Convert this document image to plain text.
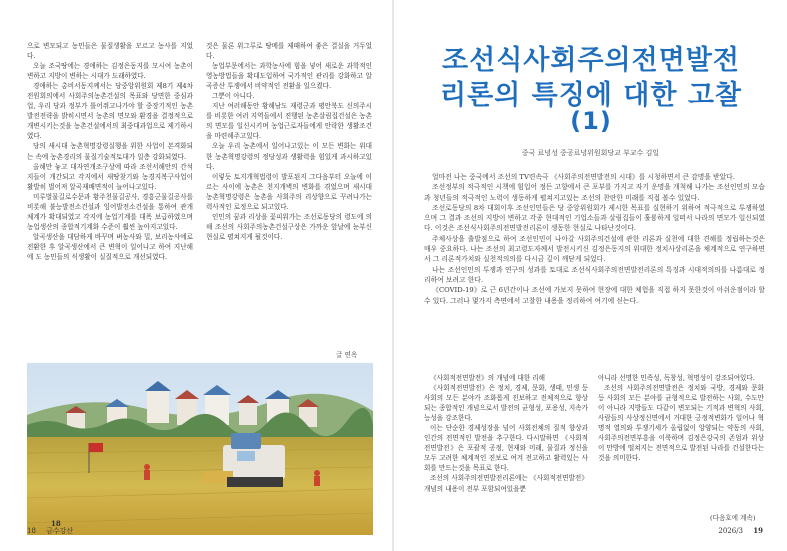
으로 변모되고 농민들은 물질생활을 모르고 농사를 지었다.

오늘 조국땅에는 경애하는 김정은동지를 모시여 농촌이 변하고 지방이 변하는 시대가 도래하였다.

경애하는 총비서동지께서는 당중앙위원회 제8기 제4차전원회의에서 사회주의농촌건설의 목표와 당면한 중심과업, 우리 당과 정부가 틀어쥐고나가야 할 중장기적인 농촌발전전략을 밝히시면서 농촌의 면모와 환경을 결정적으로 개변시키는것을 농촌건설에서의 최중대과업으로 제기하시였다.

당의 새시대 농촌혁명강령실행을 위한 사업이 본격화되는 속에 농촌경리의 물질기술적토대가 일층 강화되였다.

올해만 놓고 대자연개조구상에 따라 조선서해안의 간석지들이 개간되고 각지에서 새땅찾기와 농경지복구사업이 활발히 벌어져 알곡재배면적이 늘어나고있다.

미루벌물길로수문과 황주천물길공사, 경흥군물길공사를 비롯해 불능발전소건설과 잉어발전소건설을 통하여 관개체계가 확대되였고 각지에 농업기계를 대폭 보급하였으며 농업생산의 종합적기계화 수준이 훨씬 높아지고있다.

알곡생산을 대담하게 바꾸며 벼농사와 밀, 보리농사에로 전환한 후 알곡생산에서 큰 변혁이 일어나고 하여 지난해에 도 농민들의 식생활이 실질적으로 개선되였다.

것은 물론 위그루로 땅메를 제때하여 좋은 결실을 거두었다.

농업부문에서는 과학농사에 힘을 넣어 새로운 과학적인 영농방법들을 확대도입하여 국가적인 관리를 강화하고 알곡증산 투쟁에서 비약적인 전환을 일으켰다.

그뿐이 아니다.

지난 여러해동안 황해남도 재령군과 평안북도 신의주시를 비롯한 여러 지역들에서 진행된 농촌살림집건설은 농촌의 면모를 일신시키며 농업근로자들에게 안락한 생활조건을 마련해주고있다.

오늘 우리 농촌에서 일어나고있는 이 모든 변화는 위대한 농촌혁명강령의 정당성과 생활력을 힘있게 과시하고있다.

이렇듯 토지개혁법령이 발포된지 그다음부터 오늘에 이르는 사이에 농촌은 천지개벽의 변화를 겪었으며 새시대 농촌혁명강령은 농촌을 사회주의 리상향으로 꾸려나가는 력사적인 로정으로 되고있다.

인민의 꿈과 리상을 꽃피워가는 조선로동당의 령도에 의해 조선의 사회주의농촌건설구상은 가까운 앞날에 눈부신 현실로 펼쳐지게 될것이다.

글 연옥
18
18 금수강산
조선식사회주의전면발전
리론의 특징에 대한 고찰
(1)
중국 료녕성 중공료녕위원회당교 부교수 김일

얼마전 나는 중국에서 조선의 TV련속극 《사회주의전면발전의 시대》를 시청하면서 큰 감명을 받았다.

조선정부의 적극적인 시책에 힘입어 정든 고향에서 큰 포부를 가지고 자기 운명을 개척해 나가는 조선인민의 모습과 청년들의 적극적인 노력이 생동하게 펼쳐지고있는 조선의 찬란한 미래를 직접 볼수 있었다.

조선로동당의 8차 대회이후 조선인민들은 당 중앙위원회가 제시한 목표를 실현하기 위하여 적극적으로 투쟁하였으며 그 결과 조선의 지방이 변하고 각종 현대적인 기업소들과 살림집들이 훌륭하게 일떠서 나라의 면모가 일신되였다. 이것은 조선식사회주의전면발전리론이 생동한 현실로 나타난것이다.

주체사상을 출발점으로 하여 조선인민이 나아갈 사회주의건설에 관한 리론과 실천에 대한 견해를 정립하는것은 매우 중요하다. 나는 조선의 최고령도자께서 발전시키신 김정은동지의 위대한 정치사상리론을 체계적으로 연구하면서 그 리론적가치와 실천적의의를 다시금 깊이 깨닫게 되었다.

나는 조선인민의 투쟁과 연구의 성과를 토대로 조선식사회주의전면발전리론의 특징과 시대적의의를 나름대로 정리하여 보려고 한다.

《COVID-19》로 근 6년간이나 조선에 가보지 못하여 현장에 대한 체험을 직접 하지 못한것이 아쉬운점이라 할수 있다. 그러나 몇가지 측면에서 고찰한 내용을 정리하여 여기에 싣는다.

《사회적전면발전》의 개념에 대한 리해

《사회적전면발전》은 정치, 경제, 문화, 생태, 민생 등 사회의 모든 분야가 조화롭게 진보하고 전체적으로 향상되는 종합적인 개념으로서 발전의 균형성, 포용성, 지속가능성을 강조한다.

이는 단순한 경제성장을 넘어 사회전체의 질적 향상과 인간의 전면적인 발전을 추구한다. 다시말하면 《사회적전면발전》은 포괄적 공정, 현재와 미래, 물질과 정신을 모두 고려한 체계적인 진보로 여겨 전고하고 활력있는 사회를 만드는것을 목표로 한다.

조선의 사회주의전면발전리론에는 《사회적전면발전》개념의 내용이 전부 포함되여있을뿐

아니라 선명한 민족성, 독창성, 혁명성이 강조되여있다.

조선의 사회주의전면발전은 정치와 국방, 경제와 문화 등 사회의 모든 분야를 균형적으로 발전하는 사회, 수도만이 아니라 지방들도 다같이 변모되는 기적과 변혁의 사회, 사람들의 사상정신면에서 거대한 긍정적변화가 일어나 혁명적 열의와 투쟁기세가 올립없이 앙양되는 약동의 사회, 사회주의전면부흥을 이룩하며 김정은강국의 존엄과 위상이 만방에 떨쳐지는 전면적으로 발전된 나라를 건설한다는것을 의미한다.

(다음호에 계속)
2026/3 19
